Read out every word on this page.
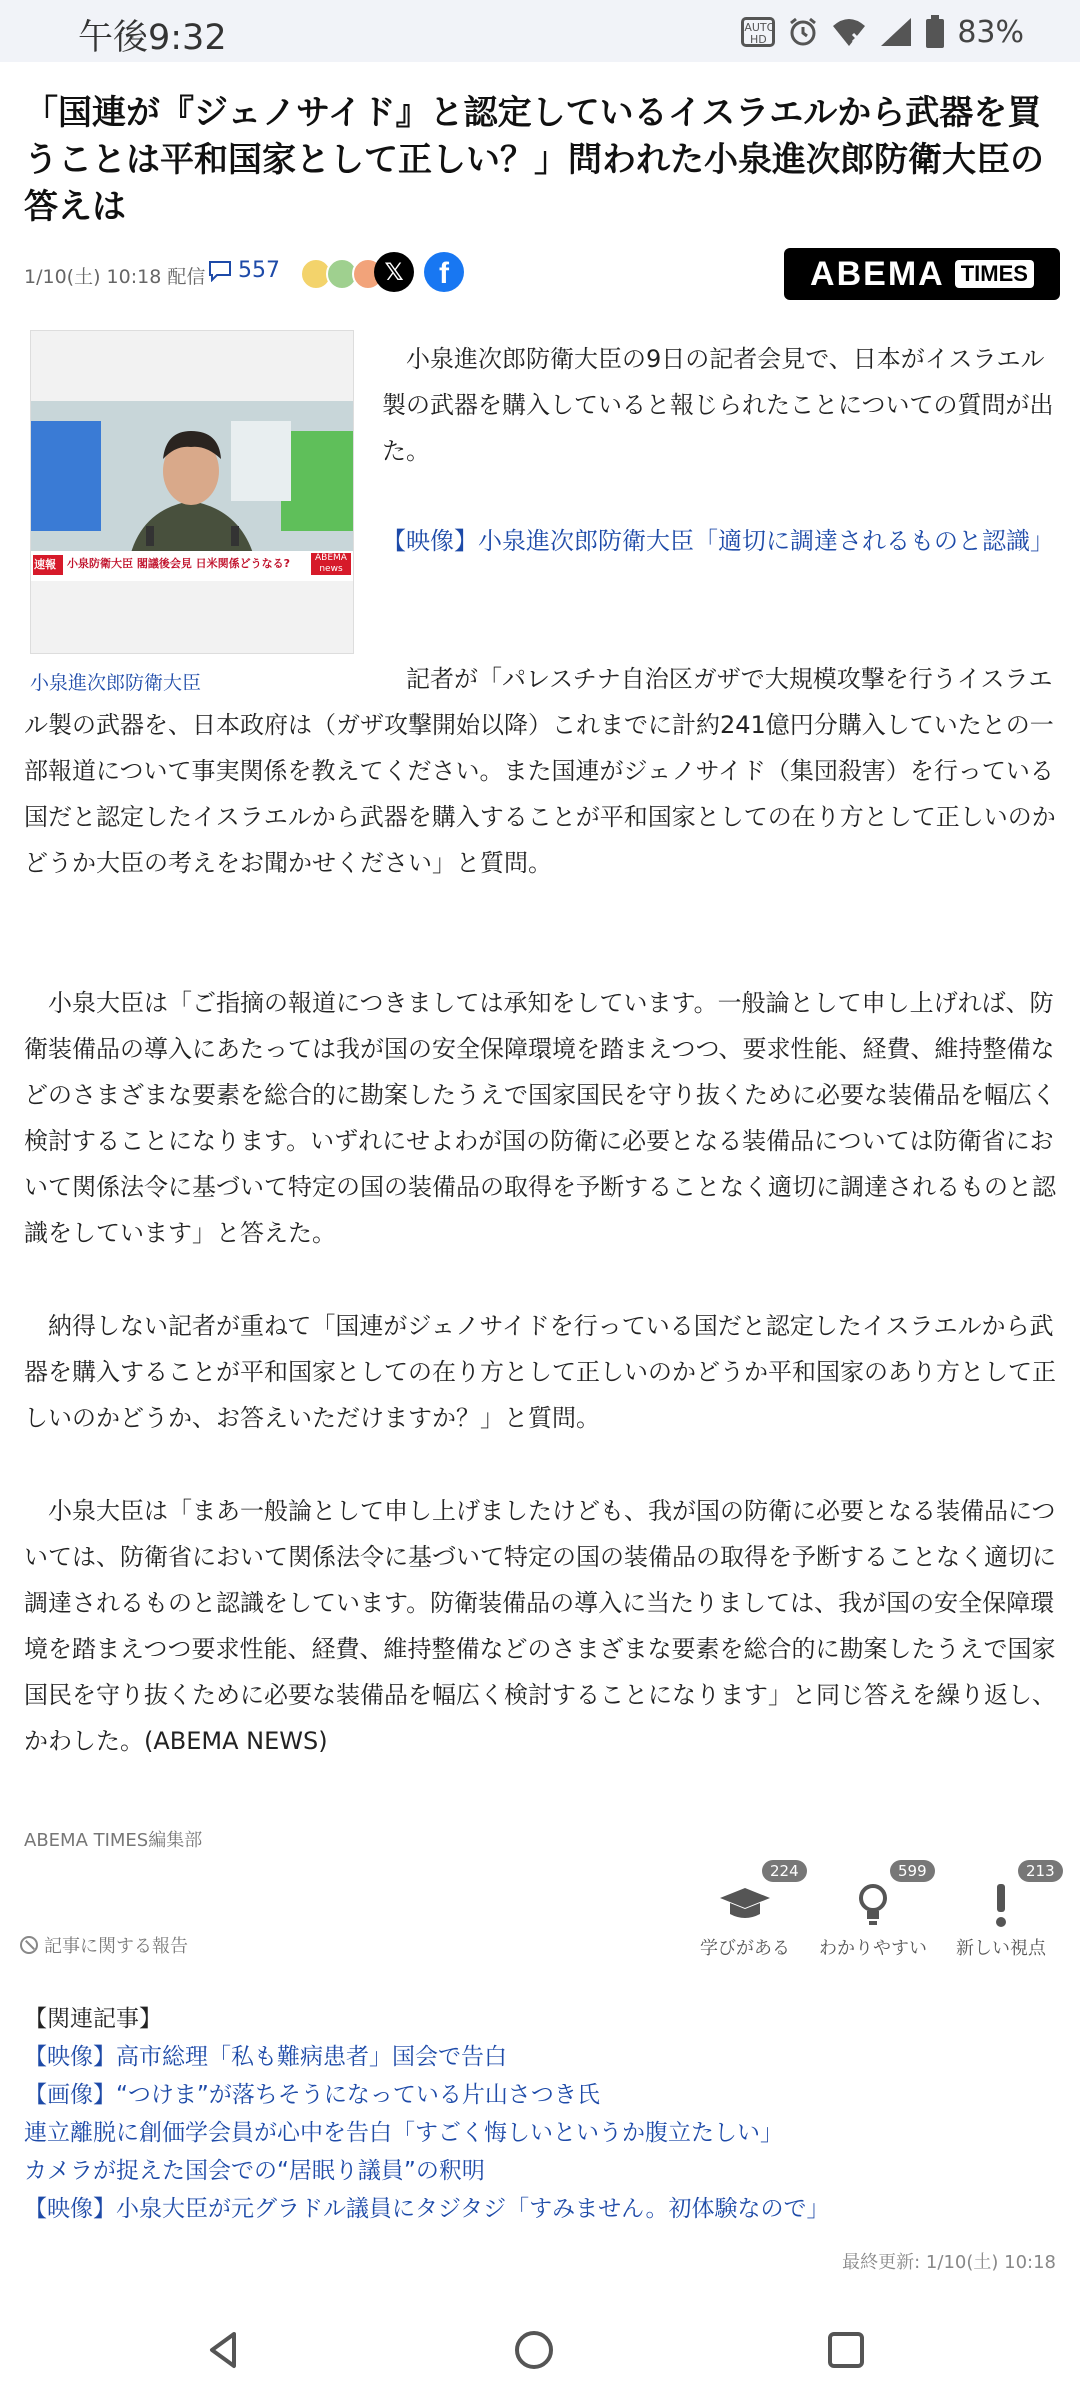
午後9:32	AUTO HD	83%
「国連が『ジェノサイド』と認定しているイスラエルから武器を買うことは平和国家として正しい？」問われた小泉進次郎防衛大臣の答えは
1/10(土) 10:18 配信 557	𝕏	f	ABEMA TIMES
速報 小泉防衛大臣 閣議後会見 日米関係どうなる?	ABEMA news
小泉進次郎防衛大臣

小泉進次郎防衛大臣の9日の記者会見で、日本がイスラエル製の武器を購入していると報じられたことについての質問が出た。

【映像】小泉進次郎防衛大臣「適切に調達されるものと認識」

記者が「パレスチナ自治区ガザで大規模攻撃を行うイスラエル製の武器を、日本政府は（ガザ攻撃開始以降）これまでに計約241億円分購入していたとの一部報道について事実関係を教えてください。また国連がジェノサイド（集団殺害）を行っている国だと認定したイスラエルから武器を購入することが平和国家としての在り方として正しいのかどうか大臣の考えをお聞かせください」と質問。

小泉大臣は「ご指摘の報道につきましては承知をしています。一般論として申し上げれば、防衛装備品の導入にあたっては我が国の安全保障環境を踏まえつつ、要求性能、経費、維持整備などのさまざまな要素を総合的に勘案したうえで国家国民を守り抜くために必要な装備品を幅広く検討することになります。いずれにせよわが国の防衛に必要となる装備品については防衛省において関係法令に基づいて特定の国の装備品の取得を予断することなく適切に調達されるものと認識をしています」と答えた。

納得しない記者が重ねて「国連がジェノサイドを行っている国だと認定したイスラエルから武器を購入することが平和国家としての在り方として正しいのかどうか平和国家のあり方として正しいのかどうか、お答えいただけますか？」と質問。

小泉大臣は「まあ一般論として申し上げましたけども、我が国の防衛に必要となる装備品については、防衛省において関係法令に基づいて特定の国の装備品の取得を予断することなく適切に調達されるものと認識をしています。防衛装備品の導入に当たりましては、我が国の安全保障環境を踏まえつつ要求性能、経費、維持整備などのさまざまな要素を総合的に勘案したうえで国家国民を守り抜くために必要な装備品を幅広く検討することになります」と同じ答えを繰り返し、かわした。(ABEMA NEWS)

ABEMA TIMES編集部
記事に関する報告
224
学びがある
599
わかりやすい
213
新しい視点
【関連記事】
【映像】高市総理「私も難病患者」国会で告白
【画像】“つけま”が落ちそうになっている片山さつき氏
連立離脱に創価学会員が心中を告白「すごく悔しいというか腹立たしい」
カメラが捉えた国会での“居眠り議員”の釈明
【映像】小泉大臣が元グラドル議員にタジタジ「すみません。初体験なので」
最終更新: 1/10(土) 10:18
